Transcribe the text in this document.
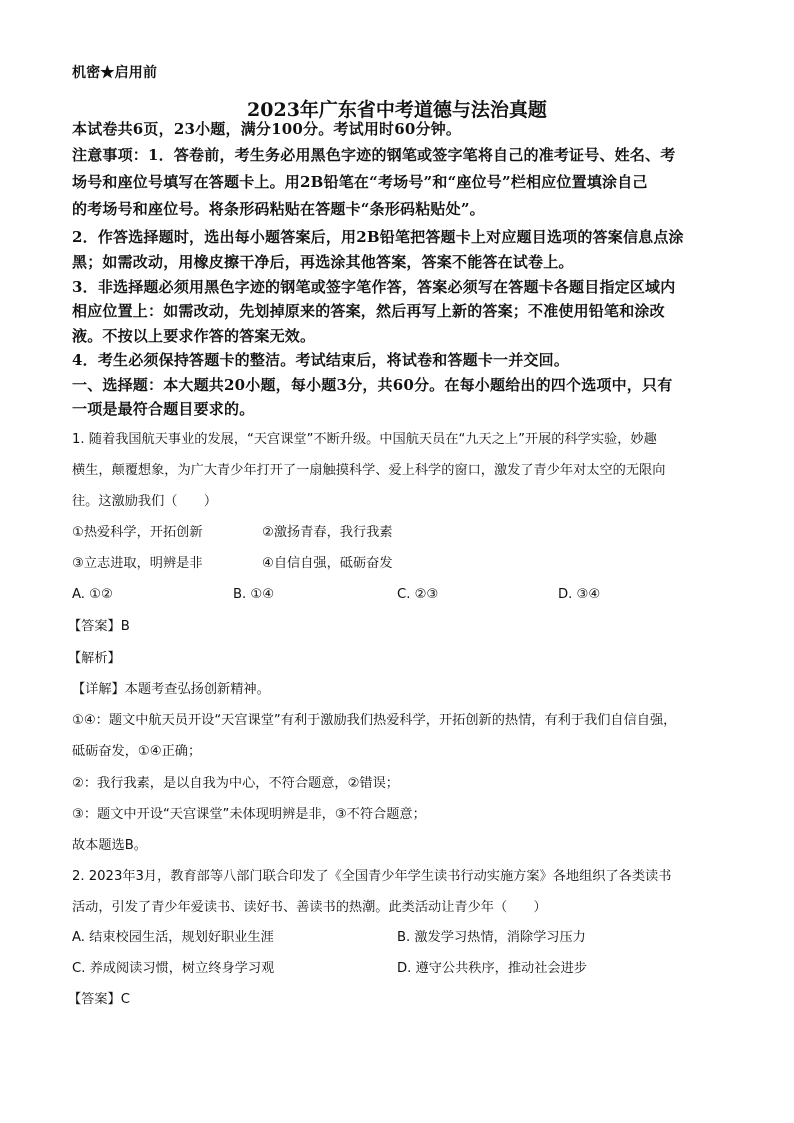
机密★启用前
2023年广东省中考道德与法治真题
本试卷共6页，23小题，满分100分。考试用时60分钟。
注意事项：1．答卷前，考生务必用黑色字迹的钢笔或签字笔将自己的准考证号、姓名、考
场号和座位号填写在答题卡上。用2B铅笔在“考场号”和“座位号”栏相应位置填涂自己
的考场号和座位号。将条形码粘贴在答题卡“条形码粘贴处”。
2．作答选择题时，选出每小题答案后，用2B铅笔把答题卡上对应题目选项的答案信息点涂
黑；如需改动，用橡皮擦干净后，再选涂其他答案，答案不能答在试卷上。
3．非选择题必须用黑色字迹的钢笔或签字笔作答，答案必须写在答题卡各题目指定区域内
相应位置上：如需改动，先划掉原来的答案，然后再写上新的答案；不准使用铅笔和涂改
液。不按以上要求作答的答案无效。
4．考生必须保持答题卡的整洁。考试结束后，将试卷和答题卡一并交回。
一、选择题：本大题共20小题，每小题3分，共60分。在每小题给出的四个选项中，只有
一项是最符合题目要求的。
1. 随着我国航天事业的发展，“天宫课堂”不断升级。中国航天员在“九天之上”开展的科学实验，妙趣
横生，颠覆想象，为广大青少年打开了一扇触摸科学、爱上科学的窗口，激发了青少年对太空的无限向
往。这激励我们（　　）
①热爱科学，开拓创新	②激扬青春，我行我素
③立志进取，明辨是非	④自信自强，砥砺奋发
A. ①②	B. ①④	C. ②③	D. ③④
【答案】B
【解析】
【详解】本题考查弘扬创新精神。
①④：题文中航天员开设“天宫课堂”有利于激励我们热爱科学，开拓创新的热情，有利于我们自信自强，
砥砺奋发，①④正确；
②：我行我素，是以自我为中心，不符合题意，②错误；
③：题文中开设“天宫课堂”未体现明辨是非，③不符合题意；
故本题选B。
2. 2023年3月，教育部等八部门联合印发了《全国青少年学生读书行动实施方案》各地组织了各类读书
活动，引发了青少年爱读书、读好书、善读书的热潮。此类活动让青少年（　　）
A. 结束校园生活，规划好职业生涯	B. 激发学习热情，消除学习压力
C. 养成阅读习惯，树立终身学习观	D. 遵守公共秩序，推动社会进步
【答案】C
